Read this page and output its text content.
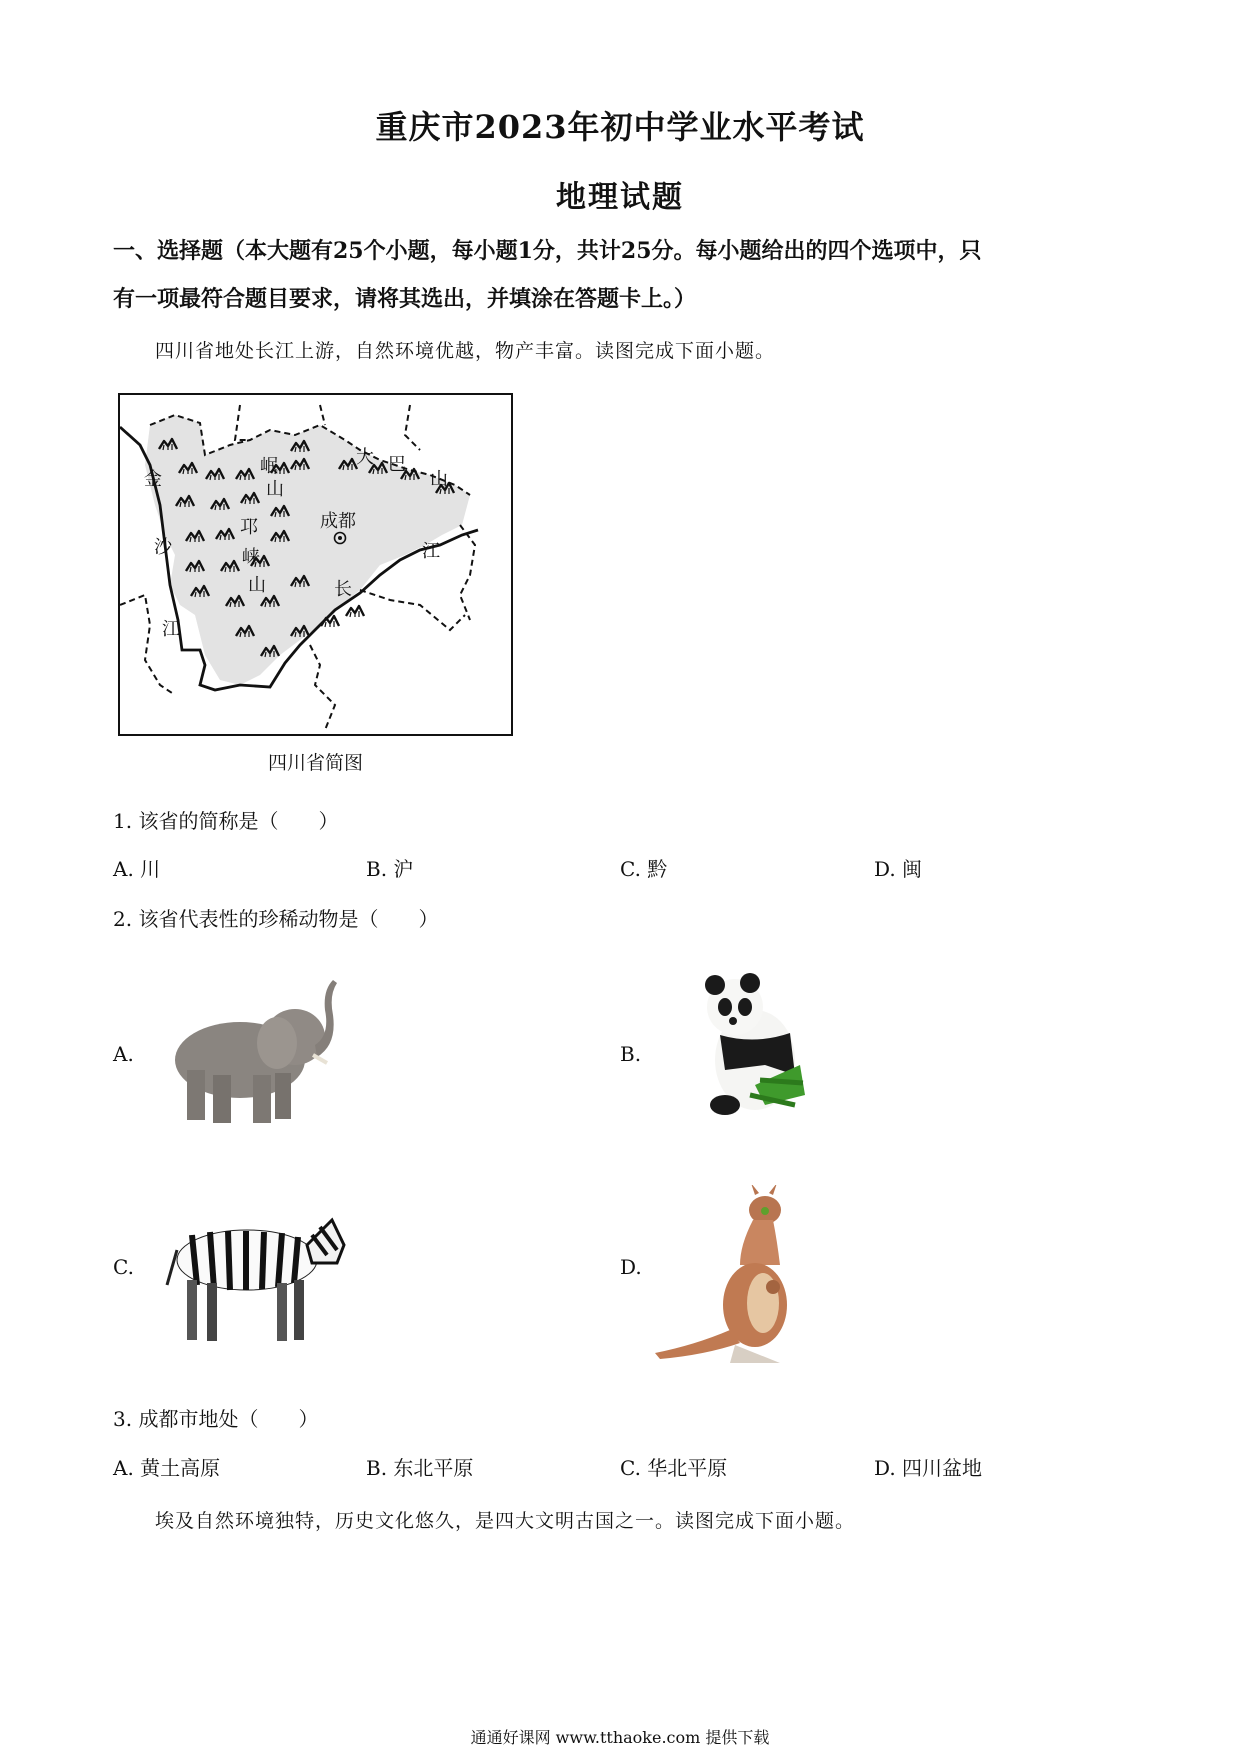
重庆市2023年初中学业水平考试
地理试题
一、选择题（本大题有25个小题，每小题1分，共计25分。每小题给出的四个选项中，只
有一项最符合题目要求，请将其选出，并填涂在答题卡上。）
四川省地处长江上游，自然环境优越，物产丰富。读图完成下面小题。
金
沙
江
岷
山
邛
崃
山
大 巴
山
成都
长
江
四川省简图
1. 该省的简称是（　　）
A. 川	B. 沪	C. 黔	D. 闽
2. 该省代表性的珍稀动物是（　　）
A.	B.
C.	D.
3. 成都市地处（　　）
A. 黄土高原	B. 东北平原	C. 华北平原	D. 四川盆地
埃及自然环境独特，历史文化悠久，是四大文明古国之一。读图完成下面小题。
通通好课网 www.tthaoke.com 提供下载
